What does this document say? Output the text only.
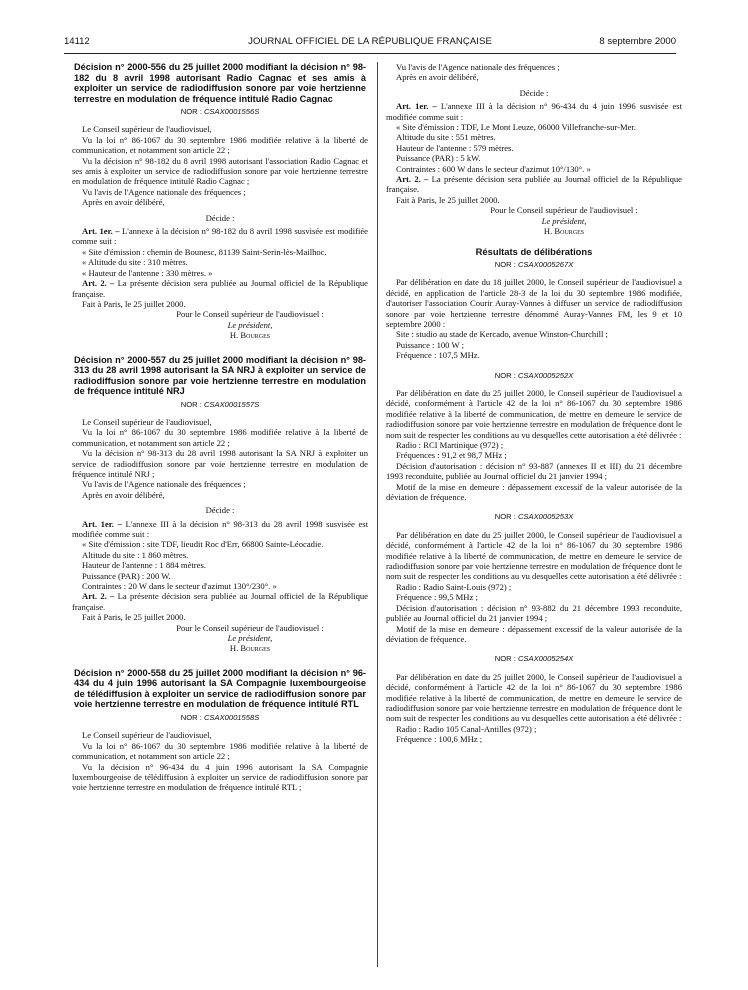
14112	JOURNAL OFFICIEL DE LA RÉPUBLIQUE FRANÇAISE	8 septembre 2000
Décision n° 2000-556 du 25 juillet 2000 modifiant la décision n° 98-182 du 8 avril 1998 autorisant Radio Cagnac et ses amis à exploiter un service de radiodiffusion sonore par voie hertzienne terrestre en modulation de fréquence intitulé Radio Cagnac
NOR : CSAX0001556S

Le Conseil supérieur de l'audiovisuel,

Vu la loi n° 86-1067 du 30 septembre 1986 modifiée relative à la liberté de communication, et notamment son article 22 ;

Vu la décision n° 98-182 du 8 avril 1998 autorisant l'association Radio Cagnac et ses amis à exploiter un service de radiodiffusion sonore par voie hertzienne terrestre en modulation de fréquence intitulé Radio Cagnac ;

Vu l'avis de l'Agence nationale des fréquences ;

Après en avoir délibéré,

Décide :

Art. 1er. – L'annexe à la décision n° 98-182 du 8 avril 1998 susvisée est modifiée comme suit :

« Site d'émission : chemin de Bounesc, 81139 Saint-Serin-lès-Mailhoc.

« Altitude du site : 310 mètres.

« Hauteur de l'antenne : 330 mètres. »

Art. 2. – La présente décision sera publiée au Journal officiel de la République française.

Fait à Paris, le 25 juillet 2000.

Pour le Conseil supérieur de l'audiovisuel :
Le président,
H. Bourges
Décision n° 2000-557 du 25 juillet 2000 modifiant la décision n° 98-313 du 28 avril 1998 autorisant la SA NRJ à exploiter un service de radiodiffusion sonore par voie hertzienne terrestre en modulation de fréquence intitulé NRJ
NOR : CSAX0001557S

Le Conseil supérieur de l'audiovisuel,

Vu la loi n° 86-1067 du 30 septembre 1986 modifiée relative à la liberté de communication, et notamment son article 22 ;

Vu la décision n° 98-313 du 28 avril 1998 autorisant la SA NRJ à exploiter un service de radiodiffusion sonore par voie hertzienne terrestre en modulation de fréquence intitulé NRJ ;

Vu l'avis de l'Agence nationale des fréquences ;

Après en avoir délibéré,

Décide :

Art. 1er. – L'annexe III à la décision n° 98-313 du 28 avril 1998 susvisée est modifiée comme suit :

« Site d'émission : site TDF, lieudit Roc d'Err, 66800 Sainte-Léocadie.

Altitude du site : 1 860 mètres.

Hauteur de l'antenne : 1 884 mètres.

Puissance (PAR) : 200 W.

Contraintes : 20 W dans le secteur d'azimut 130°/230°. »

Art. 2. – La présente décision sera publiée au Journal officiel de la République française.

Fait à Paris, le 25 juillet 2000.

Pour le Conseil supérieur de l'audiovisuel :
Le président,
H. Bourges
Décision n° 2000-558 du 25 juillet 2000 modifiant la décision n° 96-434 du 4 juin 1996 autorisant la SA Compagnie luxembourgeoise de télédiffusion à exploiter un service de radiodiffusion sonore par voie hertzienne terrestre en modulation de fréquence intitulé RTL
NOR : CSAX0001558S

Le Conseil supérieur de l'audiovisuel,

Vu la loi n° 86-1067 du 30 septembre 1986 modifiée relative à la liberté de communication, et notamment son article 22 ;

Vu la décision n° 96-434 du 4 juin 1996 autorisant la SA Compagnie luxembourgeoise de télédiffusion à exploiter un service de radiodiffusion sonore par voie hertzienne terrestre en modulation de fréquence intitulé RTL ;

Vu l'avis de l'Agence nationale des fréquences ;

Après en avoir délibéré,

Décide :

Art. 1er. – L'annexe III à la décision n° 96-434 du 4 juin 1996 susvisée est modifiée comme suit :

« Site d'émission : TDF, Le Mont Leuze, 06000 Villefranche-sur-Mer.

Altitude du site : 551 mètres.

Hauteur de l'antenne : 579 mètres.

Puissance (PAR) : 5 kW.

Contraintes : 600 W dans le secteur d'azimut 10°/130°. »

Art. 2. – La présente décision sera publiée au Journal officiel de la République française.

Fait à Paris, le 25 juillet 2000.

Pour le Conseil supérieur de l'audiovisuel :
Le président,
H. Bourges
Résultats de délibérations
NOR : CSAX0005267X

Par délibération en date du 18 juillet 2000, le Conseil supérieur de l'audiovisuel a décidé, en application de l'article 28-3 de la loi du 30 septembre 1986 modifiée, d'autoriser l'association Courir Auray-Vannes à diffuser un service de radiodiffusion sonore par voie hertzienne terrestre dénommé Auray-Vannes FM, les 9 et 10 septembre 2000 :

Site : studio au stade de Kercado, avenue Winston-Churchill ;

Puissance : 100 W ;

Fréquence : 107,5 MHz.

NOR : CSAX0005252X

Par délibération en date du 25 juillet 2000, le Conseil supérieur de l'audiovisuel a décidé, conformément à l'article 42 de la loi n° 86-1067 du 30 septembre 1986 modifiée relative à la liberté de communication, de mettre en demeure le service de radiodiffusion sonore par voie hertzienne terrestre en modulation de fréquence dont le nom suit de respecter les conditions au vu desquelles cette autorisation a été délivrée :

Radio : RCI Martinique (972) ;

Fréquences : 91,2 et 98,7 MHz ;

Décision d'autorisation : décision n° 93-887 (annexes II et III) du 21 décembre 1993 reconduite, publiée au Journal officiel du 21 janvier 1994 ;

Motif de la mise en demeure : dépassement excessif de la valeur autorisée de la déviation de fréquence.

NOR : CSAX0005253X

Par délibération en date du 25 juillet 2000, le Conseil supérieur de l'audiovisuel a décidé, conformément à l'article 42 de la loi n° 86-1067 du 30 septembre 1986 modifiée relative à la liberté de communication, de mettre en demeure le service de radiodiffusion sonore par voie hertzienne terrestre en modulation de fréquence dont le nom suit de respecter les conditions au vu desquelles cette autorisation a été délivrée :

Radio : Radio Saint-Louis (972) ;

Fréquence : 99,5 MHz ;

Décision d'autorisation : décision n° 93-882 du 21 décembre 1993 reconduite, publiée au Journal officiel du 21 janvier 1994 ;

Motif de la mise en demeure : dépassement excessif de la valeur autorisée de la déviation de fréquence.

NOR : CSAX0005254X

Par délibération en date du 25 juillet 2000, le Conseil supérieur de l'audiovisuel a décidé, conformément à l'article 42 de la loi n° 86-1067 du 30 septembre 1986 modifiée relative à la liberté de communication, de mettre en demeure le service de radiodiffusion sonore par voie hertzienne terrestre en modulation de fréquence dont le nom suit de respecter les conditions au vu desquelles cette autorisation a été délivrée :

Radio : Radio 105 Canal-Antilles (972) ;

Fréquence : 100,6 MHz ;
